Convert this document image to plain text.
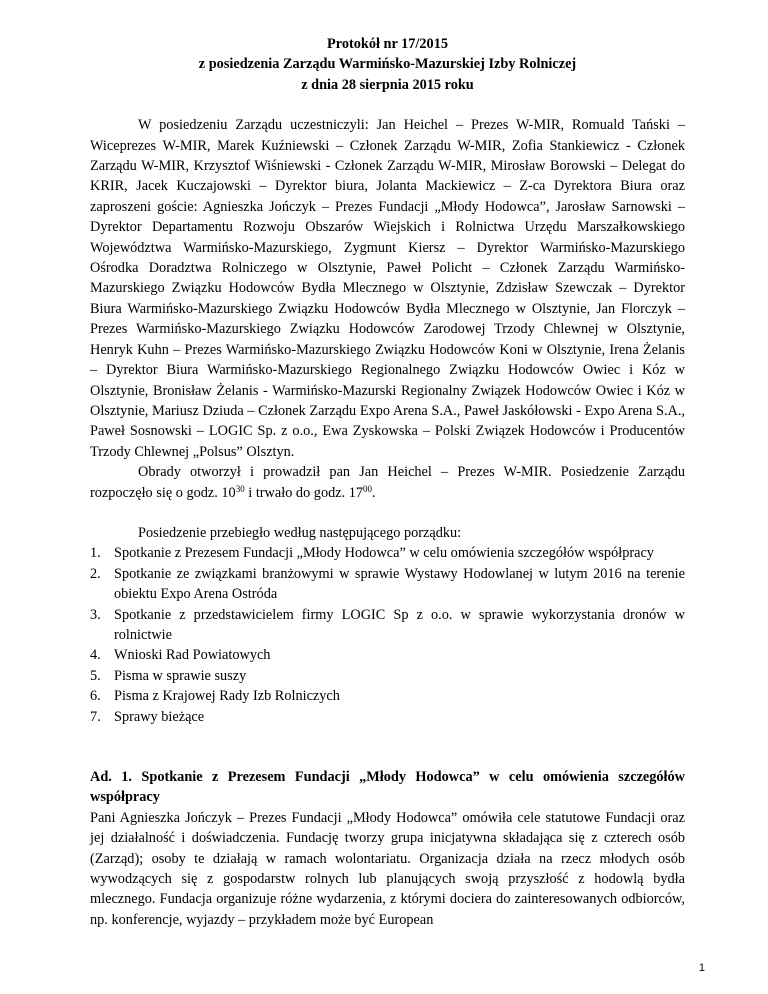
Protokół nr 17/2015

z posiedzenia Zarządu Warmińsko-Mazurskiej Izby Rolniczej

z dnia 28 sierpnia 2015 roku

W posiedzeniu Zarządu uczestniczyli: Jan Heichel – Prezes W-MIR, Romuald Tański – Wiceprezes W-MIR, Marek Kuźniewski – Członek Zarządu W-MIR, Zofia Stankiewicz - Członek Zarządu W-MIR, Krzysztof Wiśniewski - Członek Zarządu W-MIR, Mirosław Borowski – Delegat do KRIR, Jacek Kuczajowski – Dyrektor biura, Jolanta Mackiewicz – Z-ca Dyrektora Biura oraz zaproszeni goście: Agnieszka Jończyk – Prezes Fundacji „Młody Hodowca”, Jarosław Sarnowski – Dyrektor Departamentu Rozwoju Obszarów Wiejskich i Rolnictwa Urzędu Marszałkowskiego Województwa Warmińsko-Mazurskiego, Zygmunt Kiersz – Dyrektor Warmińsko-Mazurskiego Ośrodka Doradztwa Rolniczego w Olsztynie, Paweł Policht – Członek Zarządu Warmińsko-Mazurskiego Związku Hodowców Bydła Mlecznego w Olsztynie, Zdzisław Szewczak – Dyrektor Biura Warmińsko-Mazurskiego Związku Hodowców Bydła Mlecznego w Olsztynie, Jan Florczyk – Prezes Warmińsko-Mazurskiego Związku Hodowców Zarodowej Trzody Chlewnej w Olsztynie, Henryk Kuhn – Prezes Warmińsko-Mazurskiego Związku Hodowców Koni w Olsztynie, Irena Żelanis – Dyrektor Biura Warmińsko-Mazurskiego Regionalnego Związku Hodowców Owiec i Kóz w Olsztynie, Bronisław Żelanis - Warmińsko-Mazurski Regionalny Związek Hodowców Owiec i Kóz w Olsztynie, Mariusz Dziuda – Członek Zarządu Expo Arena S.A., Paweł Jaskółowski - Expo Arena S.A., Paweł Sosnowski – LOGIC Sp. z o.o., Ewa Zyskowska – Polski Związek Hodowców i Producentów Trzody Chlewnej „Polsus” Olsztyn.

Obrady otworzył i prowadził pan Jan Heichel – Prezes W-MIR. Posiedzenie Zarządu rozpoczęło się o godz. $10^{30}$ i trwało do godz. $17^{00}$.

Posiedzenie przebiegło według następującego porządku:

1. Spotkanie z Prezesem Fundacji „Młody Hodowca” w celu omówienia szczegółów współpracy
2. Spotkanie ze związkami branżowymi w sprawie Wystawy Hodowlanej w lutym 2016 na terenie obiektu Expo Arena Ostróda
3. Spotkanie z przedstawicielem firmy LOGIC Sp z o.o. w sprawie wykorzystania dronów w rolnictwie
4. Wnioski Rad Powiatowych
5. Pisma w sprawie suszy
6. Pisma z Krajowej Rady Izb Rolniczych
7. Sprawy bieżące

Ad. 1. Spotkanie z Prezesem Fundacji „Młody Hodowca” w celu omówienia szczegółów współpracy

Pani Agnieszka Jończyk – Prezes Fundacji „Młody Hodowca” omówiła cele statutowe Fundacji oraz jej działalność i doświadczenia. Fundację tworzy grupa inicjatywna składająca się z czterech osób (Zarząd); osoby te działają w ramach wolontariatu. Organizacja działa na rzecz młodych osób wywodzących się z gospodarstw rolnych lub planujących swoją przyszłość z hodowlą bydła mlecznego. Fundacja organizuje różne wydarzenia, z którymi dociera do zainteresowanych odbiorców, np. konferencje, wyjazdy – przykładem może być European

1
